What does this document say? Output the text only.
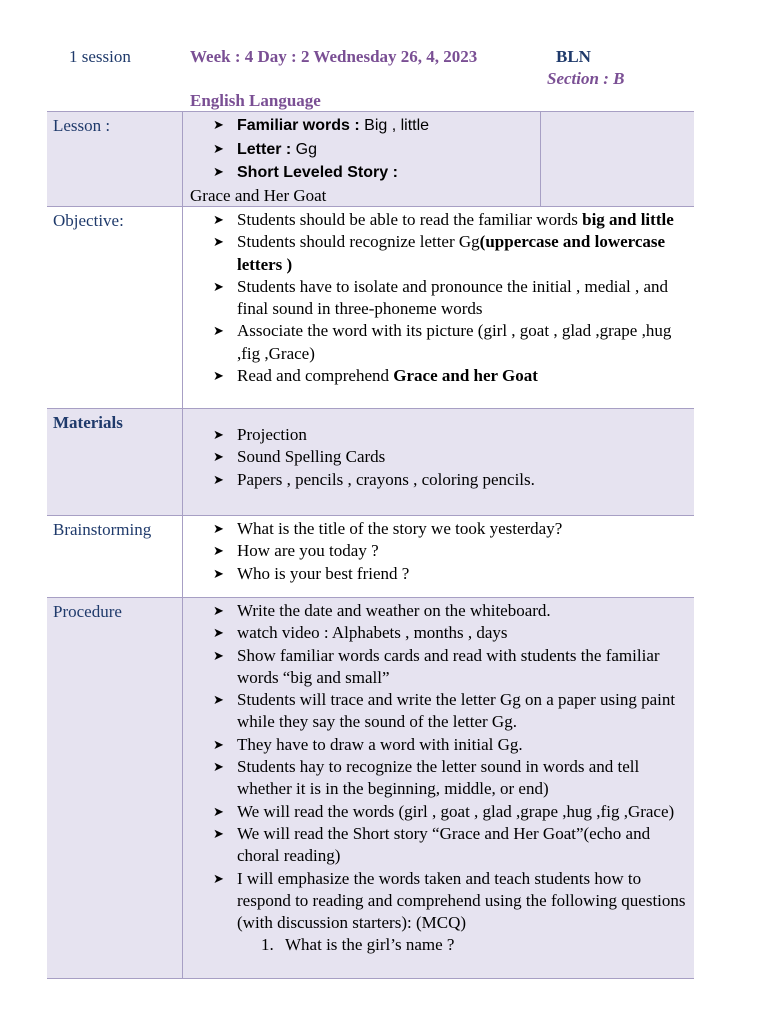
1 session	Week : 4 Day : 2 Wednesday 26, 4, 2023	BLN
Section : B
English Language
Lesson :	➤ Familiar words : Big , little
➤ Letter : Gg
➤ Short Leveled Story :
Grace and Her Goat
Objective:	➤ Students should be able to read the familiar words big and little
➤ Students should recognize letter Gg(uppercase and lowercase letters )
➤ Students have to isolate and pronounce the initial , medial , and final sound in three-phoneme words
➤ Associate the word with its picture (girl , goat , glad ,grape ,hug ,fig ,Grace)
➤ Read and comprehend Grace and her Goat
Materials
➤ Projection
➤ Sound Spelling Cards
➤ Papers , pencils , crayons , coloring pencils.
Brainstorming	➤ What is the title of the story we took yesterday?
➤ How are you today ?
➤ Who is your best friend ?
Procedure	➤ Write the date and weather on the whiteboard.
➤ watch video : Alphabets , months , days
➤ Show familiar words cards and read with students the familiar words “big and small”
➤ Students will trace and write the letter Gg on a paper using paint while they say the sound of the letter Gg.
➤ They have to draw a word with initial Gg.
➤ Students hay to recognize the letter sound in words and tell whether it is in the beginning, middle, or end)
➤ We will read the words (girl , goat , glad ,grape ,hug ,fig ,Grace)
➤ We will read the Short story “Grace and Her Goat”(echo and choral reading)
➤ I will emphasize the words taken and teach students how to respond to reading and comprehend using the following questions (with discussion starters): (MCQ)
1. What is the girl’s name ?
